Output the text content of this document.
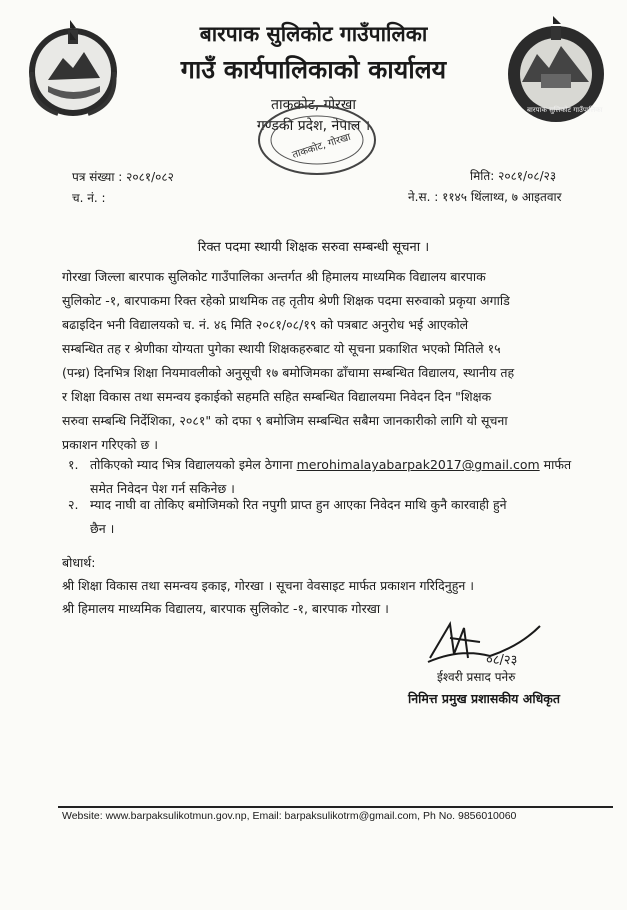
बारपाक सुलिकोट गाउँपालिका
बारपाक सुलिकोट गाउँपालिका
गाउँ कार्यपालिकाको कार्यालय
ताककोट, गोरखा
गण्डकी प्रदेश, नेपाल ।
ताककोट, गोरखा
पत्र संख्या : २०८१/०८२
च. नं. :
मिति: २०८१/०८/२३
ने.स. : ११४५ थिंलाथ्व, ७ आइतवार
रिक्त पदमा स्थायी शिक्षक सरुवा सम्बन्धी सूचना ।
गोरखा जिल्ला बारपाक सुलिकोट गाउँपालिका अन्तर्गत श्री हिमालय माध्यमिक विद्यालय बारपाक
सुलिकोट -१, बारपाकमा रिक्त रहेको प्राथमिक तह तृतीय श्रेणी शिक्षक पदमा सरुवाको प्रकृया अगाडि
बढाइदिन भनी विद्यालयको च. नं. ४६ मिति २०८१/०८/१९ को पत्रबाट अनुरोध भई आएकोले
सम्बन्धित तह र श्रेणीका योग्यता पुगेका स्थायी शिक्षकहरुबाट यो सूचना प्रकाशित भएको मितिले १५
(पन्ध्र) दिनभित्र शिक्षा नियमावलीको अनुसूची १७ बमोजिमका ढाँचामा सम्बन्धित विद्यालय, स्थानीय तह
र शिक्षा विकास तथा समन्वय इकाईको सहमति सहित सम्बन्धित विद्यालयमा निवेदन दिन "शिक्षक
सरुवा सम्बन्धि निर्देशिका, २०८१" को दफा ९ बमोजिम सम्बन्धित सबैमा जानकारीको लागि यो सूचना
प्रकाशन गरिएको छ ।
१. तोकिएको म्याद भित्र विद्यालयको इमेल ठेगाना merohimalayabarpak2017@gmail.com मार्फत
समेत निवेदन पेश गर्न सकिनेछ ।
२. म्याद नाघी वा तोकिए बमोजिमको रित नपुगी प्राप्त हुन आएका निवेदन माथि कुनै कारवाही हुने
छैन ।
बोधार्थ:
श्री शिक्षा विकास तथा समन्वय इकाइ, गोरखा । सूचना वेवसाइट मार्फत प्रकाशन गरिदिनुहुन ।
श्री हिमालय माध्यमिक विद्यालय, बारपाक सुलिकोट -१, बारपाक गोरखा ।
०८/२३
ईश्वरी प्रसाद पनेरु
निमित्त प्रमुख प्रशासकीय अधिकृत
Website: www.barpaksulikotmun.gov.np, Email: barpaksulikotrm@gmail.com, Ph No. 9856010060
